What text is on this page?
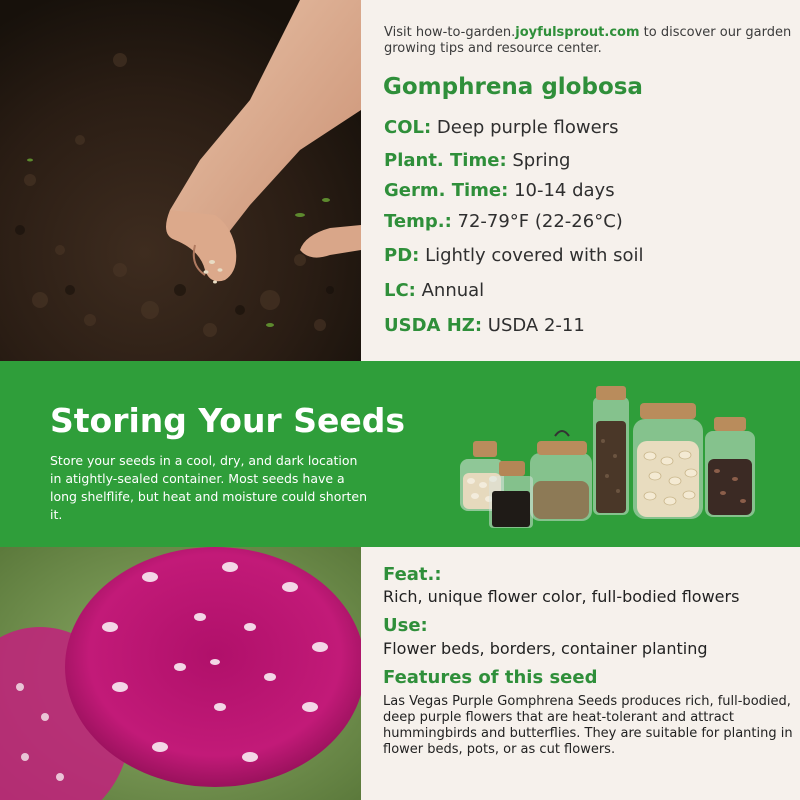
Visit how-to-garden.joyfulsprout.com to discover our garden growing tips and resource center.
Gomphrena globosa
COL: Deep purple flowers
Plant. Time: Spring
Germ. Time: 10-14 days
Temp.: 72-79°F (22-26°C)
PD: Lightly covered with soil
LC: Annual
USDA HZ: USDA 2-11
Storing Your Seeds
Store your seeds in a cool, dry, and dark location in atightly-sealed container. Most seeds have a long shelflife, but heat and moisture could shorten it.
Feat.:
Rich, unique flower color, full-bodied flowers
Use:
Flower beds, borders, container planting
Features of this seed
Las Vegas Purple Gomphrena Seeds produces rich, full-bodied, deep purple flowers that are heat-tolerant and attract hummingbirds and butterflies. They are suitable for planting in flower beds, pots, or as cut flowers.
